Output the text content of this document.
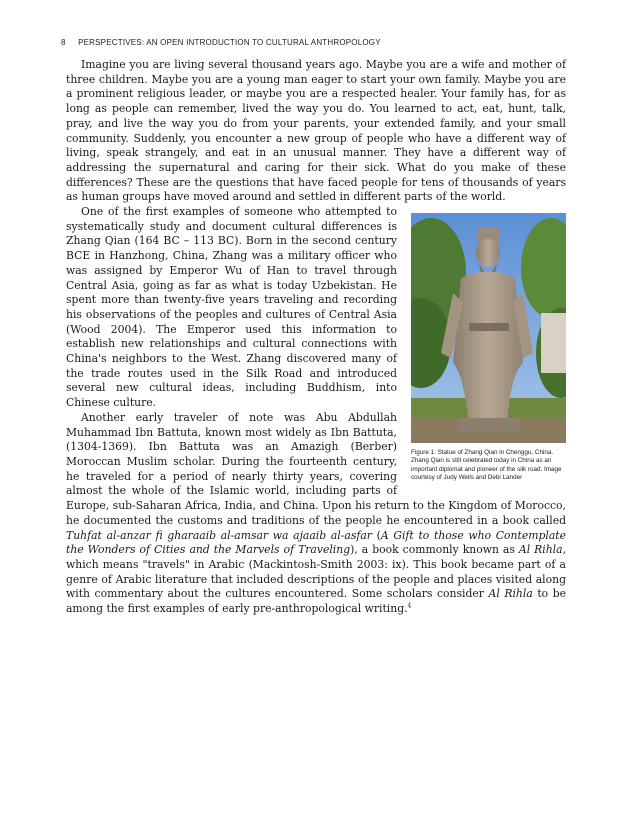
8 PERSPECTIVES: AN OPEN INTRODUCTION TO CULTURAL ANTHROPOLOGY

Imagine you are living several thousand years ago. Maybe you are a wife and mother of three children. Maybe you are a young man eager to start your own family. Maybe you are a prominent religious leader, or maybe you are a respected healer. Your family has, for as long as people can remember, lived the way you do. You learned to act, eat, hunt, talk, pray, and live the way you do from your parents, your extended family, and your small community. Suddenly, you encounter a new group of people who have a different way of living, speak strangely, and eat in an unusual manner. They have a different way of addressing the supernatural and caring for their sick. What do you make of these differences? These are the questions that have faced people for tens of thousands of years as human groups have moved around and settled in different parts of the world.

Figure 1: Statue of Zhang Qian in Chenggu, China. Zhang Qian is still celebrated today in China as an important diplomat and pioneer of the silk road. Image courtesy of Judy Wells and Debi Lander

One of the first examples of someone who attempted to systematically study and document cultural differences is Zhang Qian (164 BC – 113 BC). Born in the second century BCE in Hanzhong, China, Zhang was a military officer who was assigned by Emperor Wu of Han to travel through Central Asia, going as far as what is today Uzbekistan. He spent more than twenty-five years traveling and recording his observations of the peoples and cultures of Central Asia (Wood 2004). The Emperor used this information to establish new relationships and cultural connections with China's neighbors to the West. Zhang discovered many of the trade routes used in the Silk Road and introduced several new cultural ideas, including Buddhism, into Chinese culture.

Another early traveler of note was Abu Abdullah Muhammad Ibn Battuta, known most widely as Ibn Battuta, (1304-1369). Ibn Battuta was an Amazigh (Berber) Moroccan Muslim scholar. During the fourteenth century, he traveled for a period of nearly thirty years, covering almost the whole of the Islamic world, including parts of Europe, sub-Saharan Africa, India, and China. Upon his return to the Kingdom of Morocco, he documented the customs and traditions of the people he encountered in a book called Tuhfat al-anzar fi gharaaib al-amsar wa ajaaib al-asfar (A Gift to those who Contemplate the Wonders of Cities and the Marvels of Traveling), a book commonly known as Al Rihla, which means "travels" in Arabic (Mackintosh-Smith 2003: ix). This book became part of a genre of Arabic literature that included descriptions of the people and places visited along with commentary about the cultures encountered. Some scholars consider Al Rihla to be among the first examples of early pre-anthropological writing.$^4$
